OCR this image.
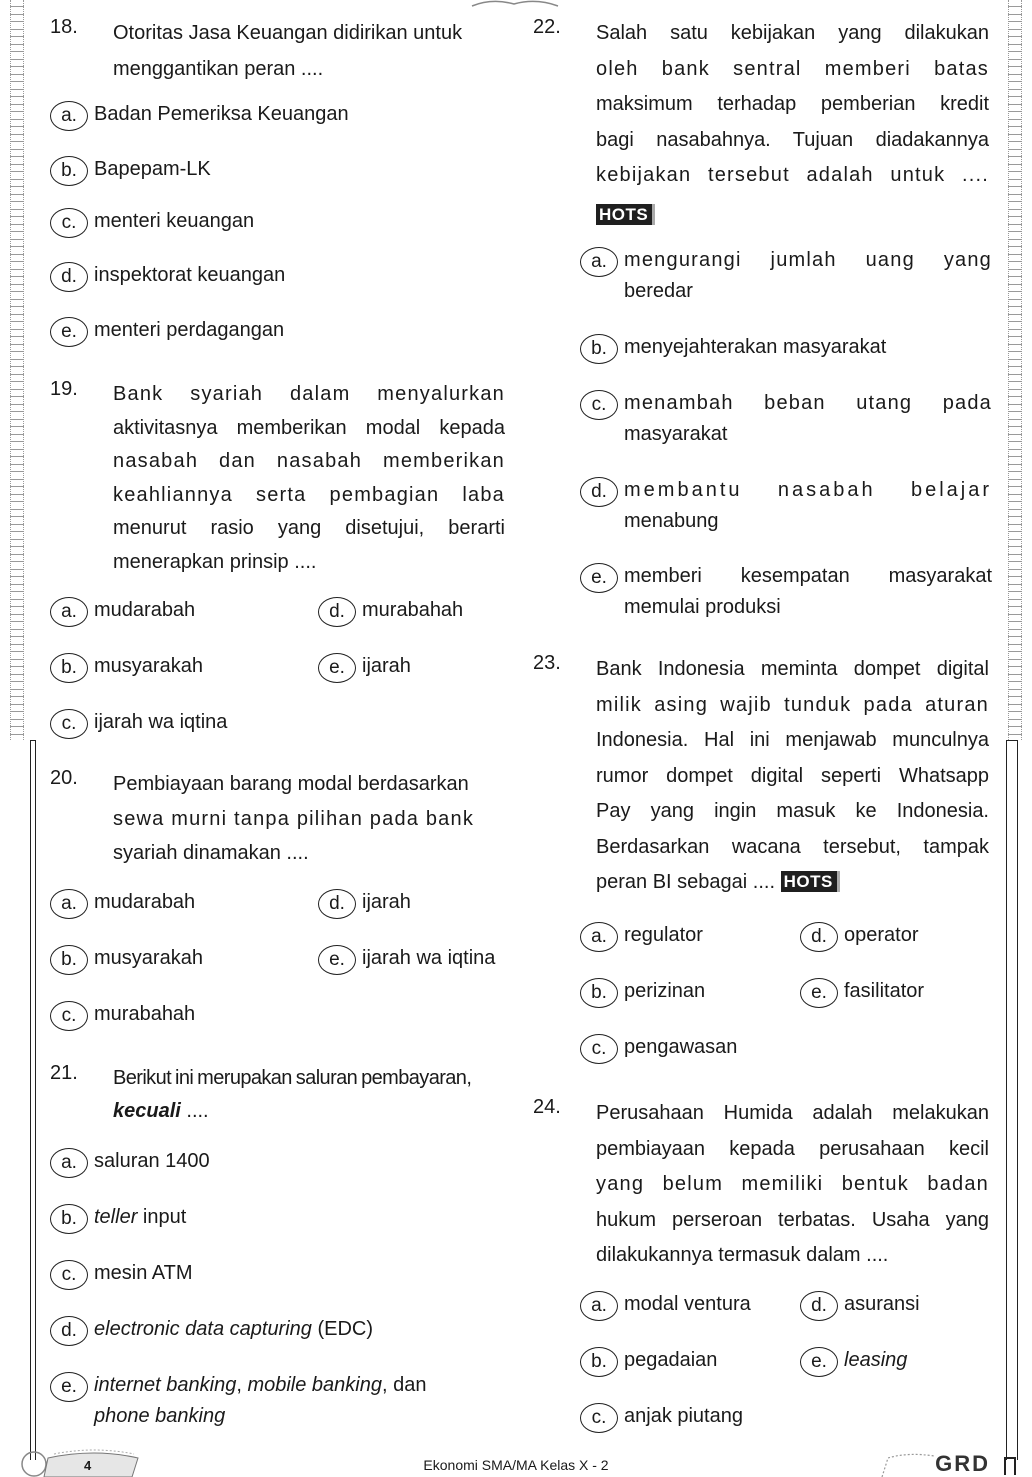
18.	Otoritas Jasa Keuangan didirikan untuk
menggantikan peran ....
a. Badan Pemeriksa Keuangan
b. Bapepam-LK
c. menteri keuangan
d. inspektorat keuangan
e. menteri perdagangan
19.	Bank syariah dalam menyalurkan
aktivitasnya memberikan modal kepada
nasabah dan nasabah memberikan
keahliannya serta pembagian laba
menurut rasio yang disetujui, berarti
menerapkan prinsip ....
a. mudarabah
b. musyarakah
c. ijarah wa iqtina
d. murabahah
e. ijarah
20.	Pembiayaan barang modal berdasarkan
sewa murni tanpa pilihan pada bank
syariah dinamakan ....
a. mudarabah
b. musyarakah
c. murabahah
d. ijarah
e. ijarah wa iqtina
21.	Berikut ini merupakan saluran pembayaran,
kecuali ....
a. saluran 1400
b. teller input
c. mesin ATM
d. electronic data capturing (EDC)
e. internet banking, mobile banking, dan
phone banking
22.	Salah satu kebijakan yang dilakukan
oleh bank sentral memberi batas
maksimum terhadap pemberian kredit
bagi nasabahnya. Tujuan diadakannya
kebijakan tersebut adalah untuk ....
HOTS
a. mengurangi jumlah uang yang
beredar
b. menyejahterakan masyarakat
c. menambah beban utang pada
masyarakat
d. membantu nasabah belajar
menabung
e. memberi kesempatan masyarakat
memulai produksi
23.	Bank Indonesia meminta dompet digital
milik asing wajib tunduk pada aturan
Indonesia. Hal ini menjawab munculnya
rumor dompet digital seperti Whatsapp
Pay yang ingin masuk ke Indonesia.
Berdasarkan wacana tersebut, tampak
peran BI sebagai .... HOTS
a. regulator
b. perizinan
c. pengawasan
d. operator
e. fasilitator
24.	Perusahaan Humida adalah melakukan
pembiayaan kepada perusahaan kecil
yang belum memiliki bentuk badan
hukum perseroan terbatas. Usaha yang
dilakukannya termasuk dalam ....
a. modal ventura
b. pegadaian
c. anjak piutang
d. asuransi
e. leasing
4	Ekonomi SMA/MA Kelas X - 2	GRD
